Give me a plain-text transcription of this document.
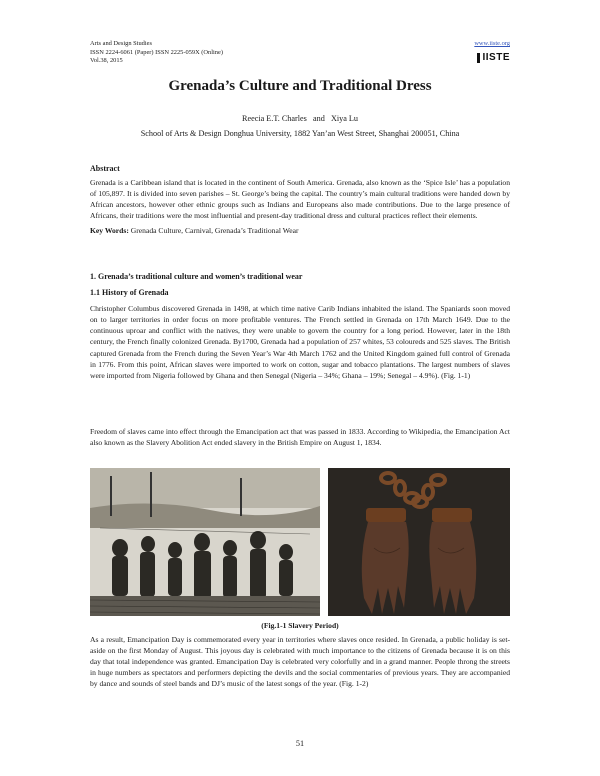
Arts and Design Studies
ISSN 2224-6061 (Paper) ISSN 2225-059X (Online)
Vol.38, 2015
www.iiste.org
IISTE
Grenada’s Culture and Traditional Dress
Reecia E.T. Charles   and   Xiya Lu
School of Arts & Design Donghua University, 1882 Yan’an West Street, Shanghai 200051, China

Abstract

Grenada is a Caribbean island that is located in the continent of South America. Grenada, also known as the ‘Spice Isle’ has a population of 105,897. It is divided into seven parishes – St. George’s being the capital. The country’s main cultural traditions were handed down by African ancestors, however other ethnic groups such as Indians and Europeans also made contributions. Due to the large presence of Africans, their traditions were the most influential and present-day traditional dress and cultural practices reflect their elements.

Key Words: Grenada Culture, Carnival, Grenada’s Traditional Wear

1. Grenada’s traditional culture and women’s traditional wear

1.1 History of Grenada

Christopher Columbus discovered Grenada in 1498, at which time native Carib Indians inhabited the island. The Spaniards soon moved on to larger territories in order focus on more profitable ventures. The French settled in Grenada on 17th March 1649. Due to the continuous uproar and conflict with the natives, they were unable to govern the country for a long period. However, later in the 18th century, the French finally colonized Grenada. By1700, Grenada had a population of 257 whites, 53 coloureds and 525 slaves. The British captured Grenada from the French during the Seven Year’s War 4th March 1762 and the United Kingdom gained full control of Grenada in 1776. From this point, African slaves were imported to work on cotton, sugar and tobacco plantations. The largest numbers of slaves were imported from Nigeria followed by Ghana and then Senegal (Nigeria – 34%; Ghana – 19%; Senegal – 4.9%). (Fig. 1-1)

Freedom of slaves came into effect through the Emancipation act that was passed in 1833. According to Wikipedia, the Emancipation Act also known as the Slavery Abolition Act ended slavery in the British Empire on August 1, 1834.
(Fig.1-1 Slavery Period)
As a result, Emancipation Day is commemorated every year in territories where slaves once resided. In Grenada, a public holiday is set-aside on the first Monday of August. This joyous day is celebrated with much importance to the citizens of Grenada because it is on this day that total independence was granted. Emancipation Day is celebrated very colorfully and in a grand manner. People throng the streets in huge numbers as spectators and performers depicting the devils and the social commentaries of previous years. They are accompanied by dance and sounds of steel bands and DJ’s music of the latest songs of the year. (Fig. 1-2)
51
